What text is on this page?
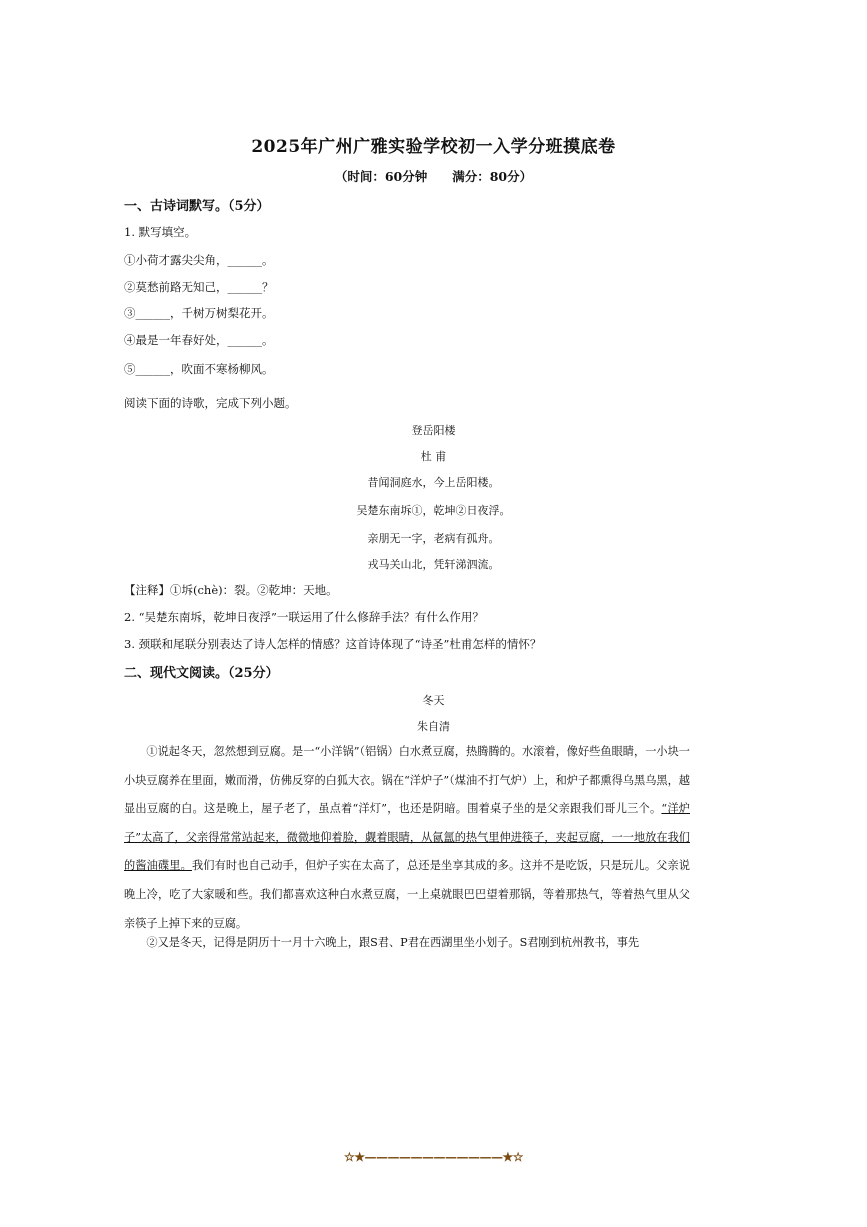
2025年广州广雅实验学校初一入学分班摸底卷
（时间：60分钟　　满分：80分）
一、古诗词默写。（5分）
1. 默写填空。
①小荷才露尖尖角，______。
②莫愁前路无知己，______？
③______，千树万树梨花开。
④最是一年春好处，______。
⑤______，吹面不寒杨柳风。
阅读下面的诗歌，完成下列小题。
登岳阳楼
杜 甫
昔闻洞庭水，今上岳阳楼。
吴楚东南坼①，乾坤②日夜浮。
亲朋无一字，老病有孤舟。
戎马关山北，凭轩涕泗流。
【注释】①坼(chè)：裂。②乾坤：天地。
2. “吴楚东南坼，乾坤日夜浮”一联运用了什么修辞手法？有什么作用？
3. 颈联和尾联分别表达了诗人怎样的情感？这首诗体现了“诗圣”杜甫怎样的情怀？
二、现代文阅读。（25分）
冬天
朱自清
①说起冬天，忽然想到豆腐。是一“小洋锅”（铝锅）白水煮豆腐，热腾腾的。水滚着，像好些鱼眼睛，一小块一小块豆腐养在里面，嫩而滑，仿佛反穿的白狐大衣。锅在“洋炉子”（煤油不打气炉）上，和炉子都熏得乌黑乌黑，越显出豆腐的白。这是晚上，屋子老了，虽点着“洋灯”，也还是阴暗。围着桌子坐的是父亲跟我们哥儿三个。“洋炉子”太高了，父亲得常常站起来，微微地仰着脸，觑着眼睛，从氤氲的热气里伸进筷子，夹起豆腐，一一地放在我们的酱油碟里。我们有时也自己动手，但炉子实在太高了，总还是坐享其成的多。这并不是吃饭，只是玩儿。父亲说晚上冷，吃了大家暖和些。我们都喜欢这种白水煮豆腐，一上桌就眼巴巴望着那锅，等着那热气，等着热气里从父亲筷子上掉下来的豆腐。
②又是冬天，记得是阴历十一月十六晚上，跟S君、P君在西湖里坐小划子。S君刚到杭州教书，事先
☆★————————————★☆
